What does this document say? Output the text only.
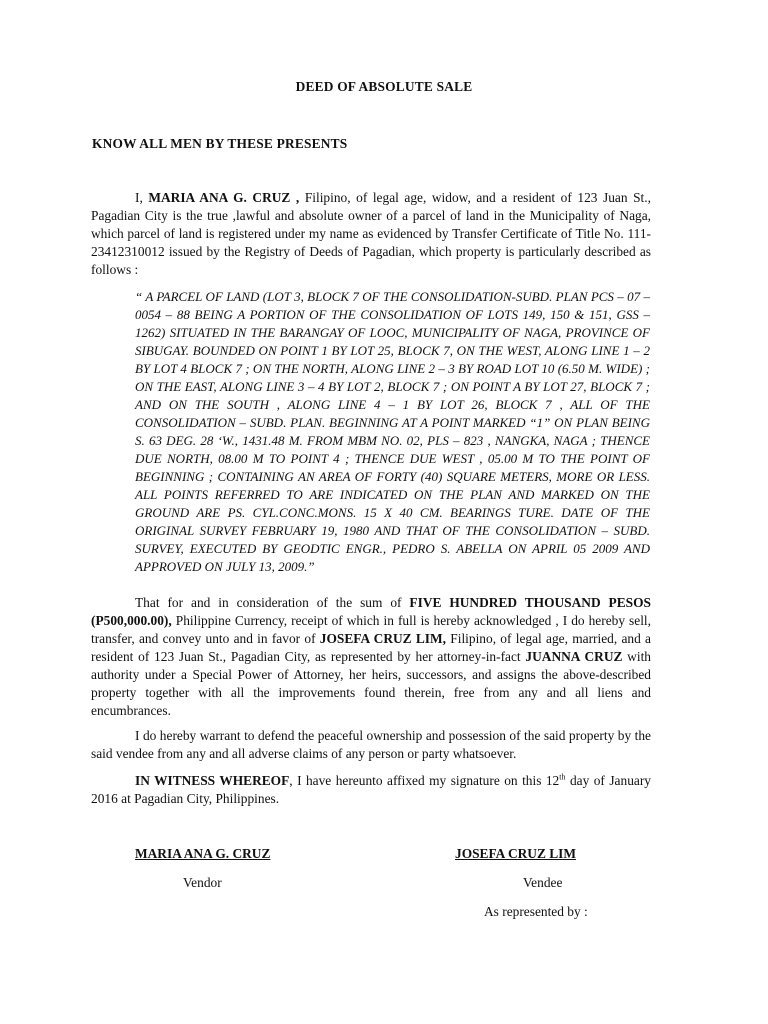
DEED OF ABSOLUTE SALE
KNOW ALL MEN BY THESE PRESENTS
I, MARIA ANA G. CRUZ , Filipino, of legal age, widow, and a resident of 123 Juan St., Pagadian City is the true ,lawful and absolute owner of a parcel of land in the Municipality of Naga, which parcel of land is registered under my name as evidenced by Transfer Certificate of Title No. 111-23412310012 issued by the Registry of Deeds of Pagadian, which property is particularly described as follows :
“ A PARCEL OF LAND (LOT 3, BLOCK 7 OF THE CONSOLIDATION-SUBD. PLAN PCS – 07 – 0054 – 88 BEING A PORTION OF THE CONSOLIDATION OF LOTS 149, 150 & 151, GSS – 1262) SITUATED IN THE BARANGAY OF LOOC, MUNICIPALITY OF NAGA, PROVINCE OF SIBUGAY. BOUNDED ON POINT 1 BY LOT 25, BLOCK 7, ON THE WEST, ALONG LINE 1 – 2 BY LOT 4 BLOCK 7 ; ON THE NORTH, ALONG LINE 2 – 3 BY ROAD LOT 10 (6.50 M. WIDE) ; ON THE EAST, ALONG LINE 3 – 4 BY LOT 2, BLOCK 7 ; ON POINT A BY LOT 27, BLOCK 7 ; AND ON THE SOUTH , ALONG LINE 4 – 1 BY LOT 26, BLOCK 7 , ALL OF THE CONSOLIDATION – SUBD. PLAN. BEGINNING AT A POINT MARKED “1” ON PLAN BEING S. 63 DEG. 28 ‘W., 1431.48 M. FROM MBM NO. 02, PLS – 823 , NANGKA, NAGA ; THENCE DUE NORTH, 08.00 M TO POINT 4 ; THENCE DUE WEST , 05.00 M TO THE POINT OF BEGINNING ; CONTAINING AN AREA OF FORTY (40) SQUARE METERS, MORE OR LESS. ALL POINTS REFERRED TO ARE INDICATED ON THE PLAN AND MARKED ON THE GROUND ARE PS. CYL.CONC.MONS. 15 X 40 CM. BEARINGS TURE. DATE OF THE ORIGINAL SURVEY FEBRUARY 19, 1980 AND THAT OF THE CONSOLIDATION – SUBD. SURVEY, EXECUTED BY GEODTIC ENGR., PEDRO S. ABELLA ON APRIL 05 2009 AND APPROVED ON JULY 13, 2009.”
That for and in consideration of the sum of FIVE HUNDRED THOUSAND PESOS (P500,000.00), Philippine Currency, receipt of which in full is hereby acknowledged , I do hereby sell, transfer, and convey unto and in favor of JOSEFA CRUZ LIM, Filipino, of legal age, married, and a resident of 123 Juan St., Pagadian City, as represented by her attorney-in-fact JUANNA CRUZ with authority under a Special Power of Attorney, her heirs, successors, and assigns the above-described property together with all the improvements found therein, free from any and all liens and encumbrances.
I do hereby warrant to defend the peaceful ownership and possession of the said property by the said vendee from any and all adverse claims of any person or party whatsoever.
IN WITNESS WHEREOF, I have hereunto affixed my signature on this 12th day of January 2016 at Pagadian City, Philippines.
MARIA ANA G. CRUZ
Vendor
JOSEFA CRUZ LIM
Vendee
As represented by :
